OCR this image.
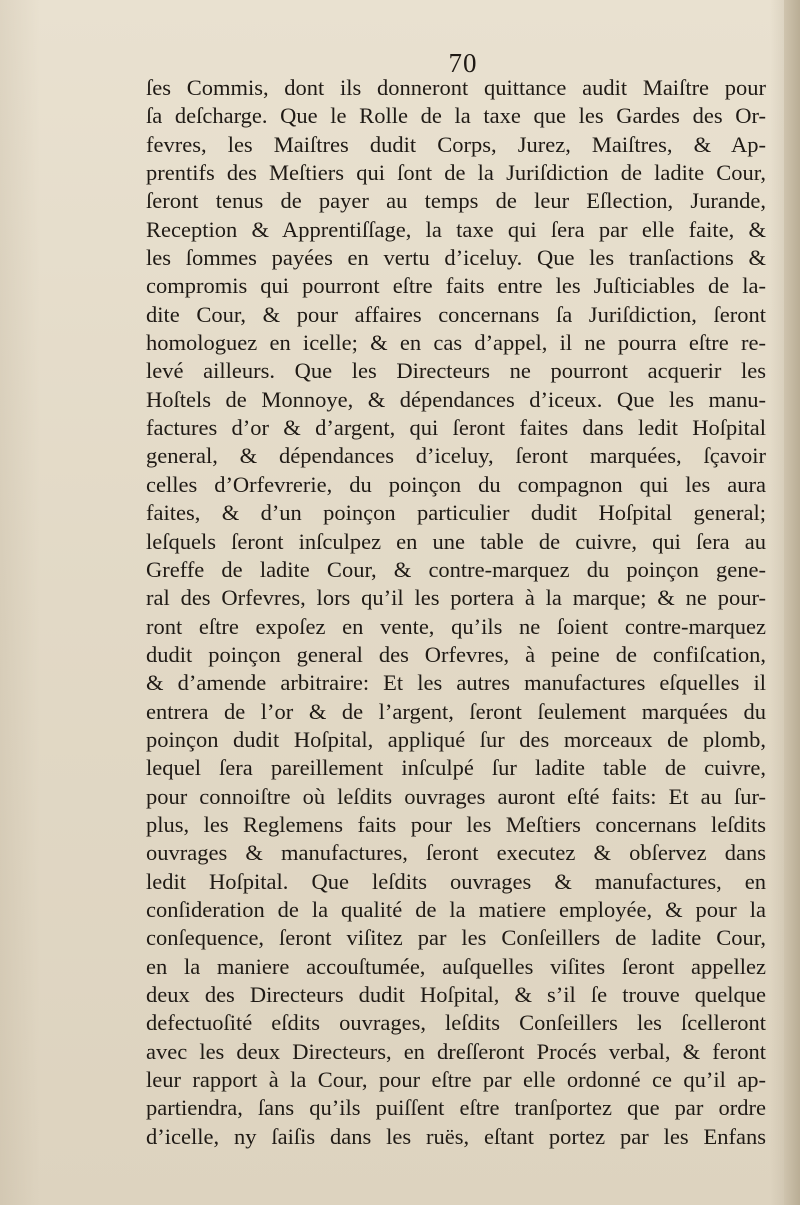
70
ſes Commis, dont ils donneront quittance audit Maiſtre pour
ſa deſcharge. Que le Rolle de la taxe que les Gardes des Or-
fevres, les Maiſtres dudit Corps, Jurez, Maiſtres, & Ap-
prentifs des Meſtiers qui ſont de la Juriſdiction de ladite Cour,
ſeront tenus de payer au temps de leur Eſlection, Jurande,
Reception & Apprentiſſage, la taxe qui ſera par elle faite, &
les ſommes payées en vertu d’iceluy. Que les tranſactions &
compromis qui pourront eſtre faits entre les Juſticiables de la-
dite Cour, & pour affaires concernans ſa Juriſdiction, ſeront
homologuez en icelle; & en cas d’appel, il ne pourra eſtre re-
levé ailleurs. Que les Directeurs ne pourront acquerir les
Hoſtels de Monnoye, & dépendances d’iceux. Que les manu-
factures d’or & d’argent, qui ſeront faites dans ledit Hoſpital
general, & dépendances d’iceluy, ſeront marquées, ſçavoir
celles d’Orfevrerie, du poinçon du compagnon qui les aura
faites, & d’un poinçon particulier dudit Hoſpital general;
leſquels ſeront inſculpez en une table de cuivre, qui ſera au
Greffe de ladite Cour, & contre-marquez du poinçon gene-
ral des Orfevres, lors qu’il les portera à la marque; & ne pour-
ront eſtre expoſez en vente, qu’ils ne ſoient contre-marquez
dudit poinçon general des Orfevres, à peine de confiſcation,
& d’amende arbitraire: Et les autres manufactures eſquelles il
entrera de l’or & de l’argent, ſeront ſeulement marquées du
poinçon dudit Hoſpital, appliqué ſur des morceaux de plomb,
lequel ſera pareillement inſculpé ſur ladite table de cuivre,
pour connoiſtre où leſdits ouvrages auront eſté faits: Et au ſur-
plus, les Reglemens faits pour les Meſtiers concernans leſdits
ouvrages & manufactures, ſeront executez & obſervez dans
ledit Hoſpital. Que leſdits ouvrages & manufactures, en
conſideration de la qualité de la matiere employée, & pour la
conſequence, ſeront viſitez par les Conſeillers de ladite Cour,
en la maniere accouſtumée, auſquelles viſites ſeront appellez
deux des Directeurs dudit Hoſpital, & s’il ſe trouve quelque
defectuoſité eſdits ouvrages, leſdits Conſeillers les ſcelleront
avec les deux Directeurs, en dreſſeront Procés verbal, & feront
leur rapport à la Cour, pour eſtre par elle ordonné ce qu’il ap-
partiendra, ſans qu’ils puiſſent eſtre tranſportez que par ordre
d’icelle, ny ſaiſis dans les ruës, eſtant portez par les Enfans
